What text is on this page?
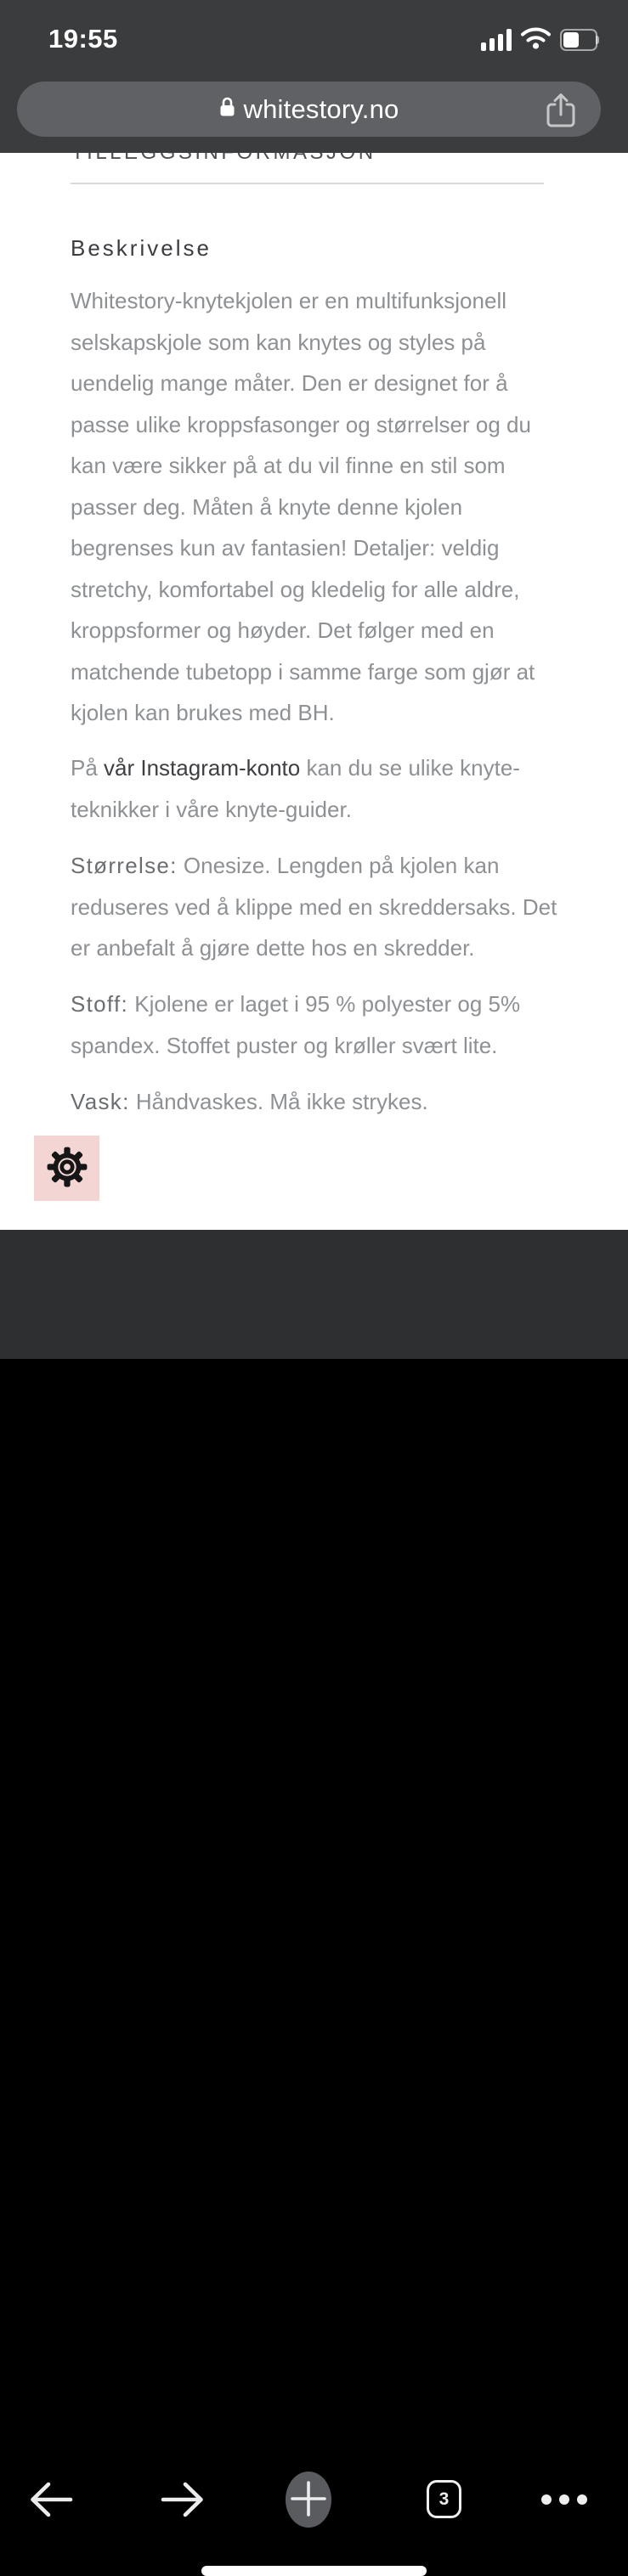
Beskrivelse
Whitestory-knytekjolen er en multifunksjonell
selskapskjole som kan knytes og styles på
uendelig mange måter. Den er designet for å
passe ulike kroppsfasonger og størrelser og du
kan være sikker på at du vil finne en stil som
passer deg. Måten å knyte denne kjolen
begrenses kun av fantasien! Detaljer: veldig
stretchy, komfortabel og kledelig for alle aldre,
kroppsformer og høyder. Det følger med en
matchende tubetopp i samme farge som gjør at
kjolen kan brukes med BH.
På vår Instagram-konto kan du se ulike knyte-
teknikker i våre knyte-guider.
Størrelse: Onesize. Lengden på kjolen kan
reduseres ved å klippe med en skreddersaks. Det
er anbefalt å gjøre dette hos en skredder.
Stoff: Kjolene er laget i 95 % polyester og 5%
spandex. Stoffet puster og krøller svært lite.
Vask: Håndvaskes. Må ikke strykes.
19:55
whitestory.no
3
